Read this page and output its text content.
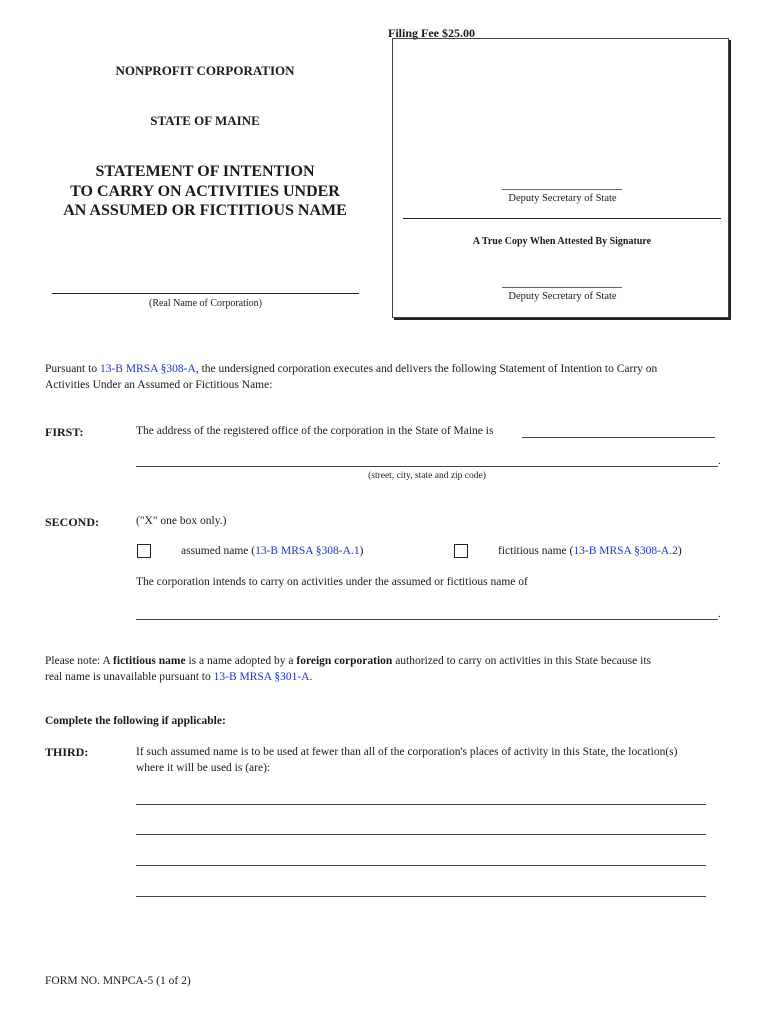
Filing Fee $25.00
NONPROFIT CORPORATION
STATE OF MAINE
STATEMENT OF INTENTION
TO CARRY ON ACTIVITIES UNDER
AN ASSUMED OR FICTITIOUS NAME
(Real Name of Corporation)
Deputy Secretary of State
A True Copy When Attested By Signature
Deputy Secretary of State
Pursuant to 13-B MRSA §308-A, the undersigned corporation executes and delivers the following Statement of Intention to Carry on
Activities Under an Assumed or Fictitious Name:
FIRST:	The address of the registered office of the corporation in the State of Maine is
.
(street, city, state and zip code)
SECOND:	("X" one box only.)
assumed name (13-B MRSA §308-A.1)	fictitious name (13-B MRSA §308-A.2)
The corporation intends to carry on activities under the assumed or fictitious name of
.
Please note: A fictitious name is a name adopted by a foreign corporation authorized to carry on activities in this State because its
real name is unavailable pursuant to 13-B MRSA §301-A.
Complete the following if applicable:
THIRD:	If such assumed name is to be used at fewer than all of the corporation's places of activity in this State, the location(s)
where it will be used is (are):
FORM NO. MNPCA-5 (1 of 2)
